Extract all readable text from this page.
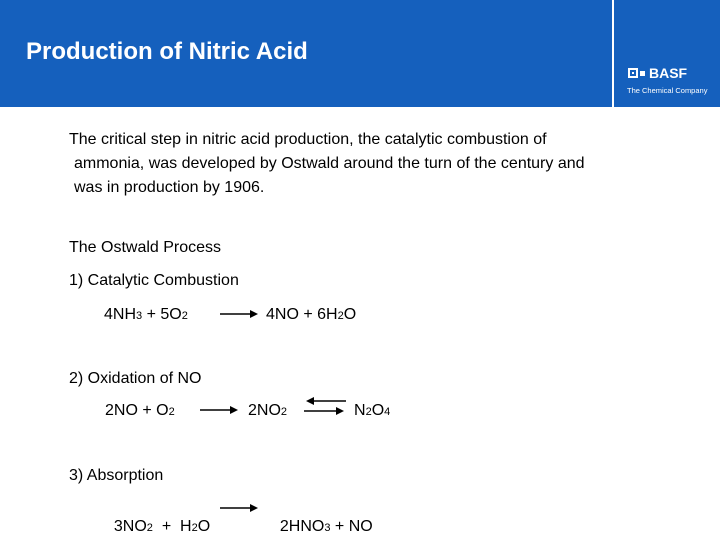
Production of Nitric Acid
BASF
The Chemical Company
The critical step in nitric acid production, the catalytic combustion of
ammonia, was developed by Ostwald around the turn of the century and
was in production by 1906.
The Ostwald Process
1) Catalytic Combustion
4NH3 + 5O2	4NO + 6H2O
2) Oxidation of NO
2NO + O2	2NO2 ⇌ N2O4
3) Absorption

3NO2  +  H2O	2HNO3 + NO
